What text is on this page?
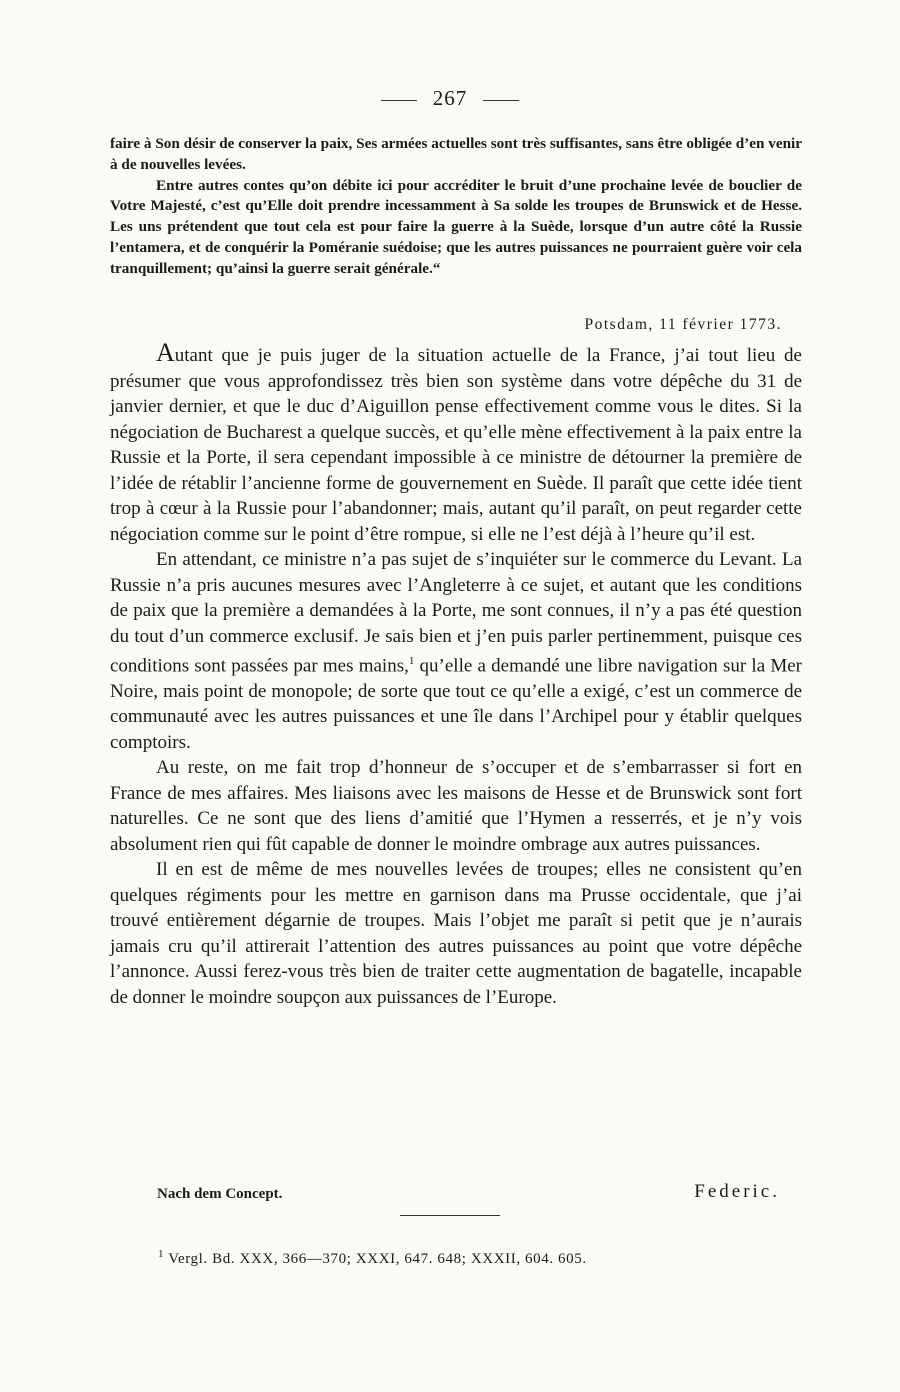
267

faire à Son désir de conserver la paix, Ses armées actuelles sont très suffisantes, sans être obligée d’en venir à de nouvelles levées.

Entre autres contes qu’on débite ici pour accréditer le bruit d’une prochaine levée de bouclier de Votre Majesté, c’est qu’Elle doit prendre incessamment à Sa solde les troupes de Brunswick et de Hesse. Les uns prétendent que tout cela est pour faire la guerre à la Suède, lorsque d’un autre côté la Russie l’entamera, et de conquérir la Poméranie suédoise; que les autres puissances ne pourraient guère voir cela tranquillement; qu’ainsi la guerre serait générale.“

Potsdam, 11 février 1773.

Autant que je puis juger de la situation actuelle de la France, j’ai tout lieu de présumer que vous approfondissez très bien son système dans votre dépêche du 31 de janvier dernier, et que le duc d’Aiguillon pense effectivement comme vous le dites. Si la négociation de Bucharest a quelque succès, et qu’elle mène effectivement à la paix entre la Russie et la Porte, il sera cependant impossible à ce ministre de détourner la première de l’idée de rétablir l’ancienne forme de gouvernement en Suède. Il paraît que cette idée tient trop à cœur à la Russie pour l’abandonner; mais, autant qu’il paraît, on peut regarder cette négociation comme sur le point d’être rompue, si elle ne l’est déjà à l’heure qu’il est.

En attendant, ce ministre n’a pas sujet de s’inquiéter sur le commerce du Levant. La Russie n’a pris aucunes mesures avec l’Angleterre à ce sujet, et autant que les conditions de paix que la première a demandées à la Porte, me sont connues, il n’y a pas été question du tout d’un commerce exclusif. Je sais bien et j’en puis parler pertinemment, puisque ces conditions sont passées par mes mains,$^1$ qu’elle a demandé une libre navigation sur la Mer Noire, mais point de monopole; de sorte que tout ce qu’elle a exigé, c’est un commerce de communauté avec les autres puissances et une île dans l’Archipel pour y établir quelques comptoirs.

Au reste, on me fait trop d’honneur de s’occuper et de s’embarrasser si fort en France de mes affaires. Mes liaisons avec les maisons de Hesse et de Brunswick sont fort naturelles. Ce ne sont que des liens d’amitié que l’Hymen a resserrés, et je n’y vois absolument rien qui fût capable de donner le moindre ombrage aux autres puissances.

Il en est de même de mes nouvelles levées de troupes; elles ne consistent qu’en quelques régiments pour les mettre en garnison dans ma Prusse occidentale, que j’ai trouvé entièrement dégarnie de troupes. Mais l’objet me paraît si petit que je n’aurais jamais cru qu’il attirerait l’attention des autres puissances au point que votre dépêche l’annonce. Aussi ferez-vous très bien de traiter cette augmentation de bagatelle, incapable de donner le moindre soupçon aux puissances de l’Europe.

Nach dem Concept.	Federic.
$^1$ Vergl. Bd. XXX, 366—370; XXXI, 647. 648; XXXII, 604. 605.
